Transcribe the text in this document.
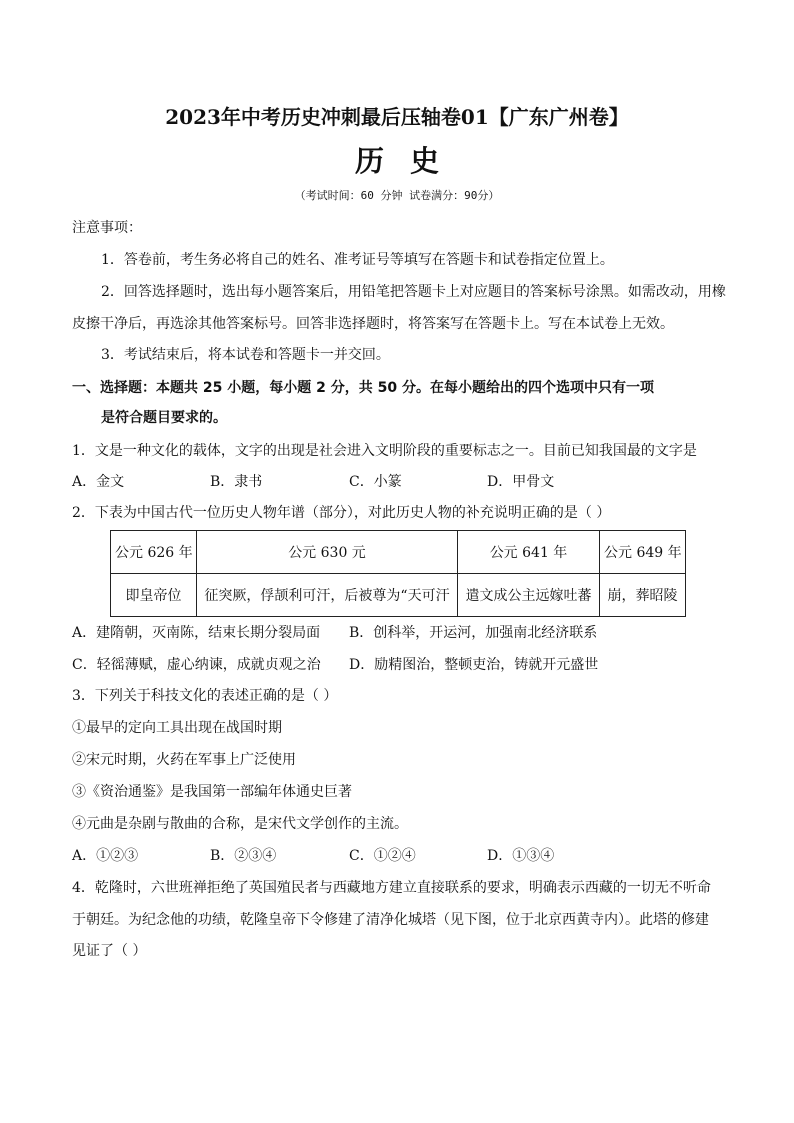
2023年中考历史冲刺最后压轴卷01【广东广州卷】
历史
（考试时间：60 分钟 试卷满分：90分）
注意事项：
1．答卷前，考生务必将自己的姓名、准考证号等填写在答题卡和试卷指定位置上。
2．回答选择题时，选出每小题答案后，用铅笔把答题卡上对应题目的答案标号涂黑。如需改动，用橡
皮擦干净后，再选涂其他答案标号。回答非选择题时，将答案写在答题卡上。写在本试卷上无效。
3．考试结束后，将本试卷和答题卡一并交回。
一、选择题：本题共 25 小题，每小题 2 分，共 50 分。在每小题给出的四个选项中只有一项
是符合题目要求的。
1．文是一种文化的载体，文字的出现是社会进入文明阶段的重要标志之一。目前已知我国最的文字是
A．金文	B．隶书	C．小篆	D．甲骨文
2．下表为中国古代一位历史人物年谱（部分），对此历史人物的补充说明正确的是（ ）
公元 626 年	公元 630 元	公元 641 年	公元 649 年
即皇帝位	征突厥，俘颉利可汗，后被尊为“天可汗	遣文成公主远嫁吐蕃	崩，葬昭陵
A．建隋朝，灭南陈，结束长期分裂局面 B．创科举，开运河，加强南北经济联系
C．轻徭薄赋，虚心纳谏，成就贞观之治 D．励精图治，整顿吏治，铸就开元盛世
3．下列关于科技文化的表述正确的是（ ）
①最早的定向工具出现在战国时期
②宋元时期，火药在军事上广泛使用
③《资治通鉴》是我国第一部编年体通史巨著
④元曲是杂剧与散曲的合称，是宋代文学创作的主流。
A．①②③	B．②③④	C．①②④	D．①③④
4．乾隆时，六世班禅拒绝了英国殖民者与西藏地方建立直接联系的要求，明确表示西藏的一切无不听命
于朝廷。为纪念他的功绩，乾隆皇帝下令修建了清净化城塔（见下图，位于北京西黄寺内）。此塔的修建
见证了（ ）
